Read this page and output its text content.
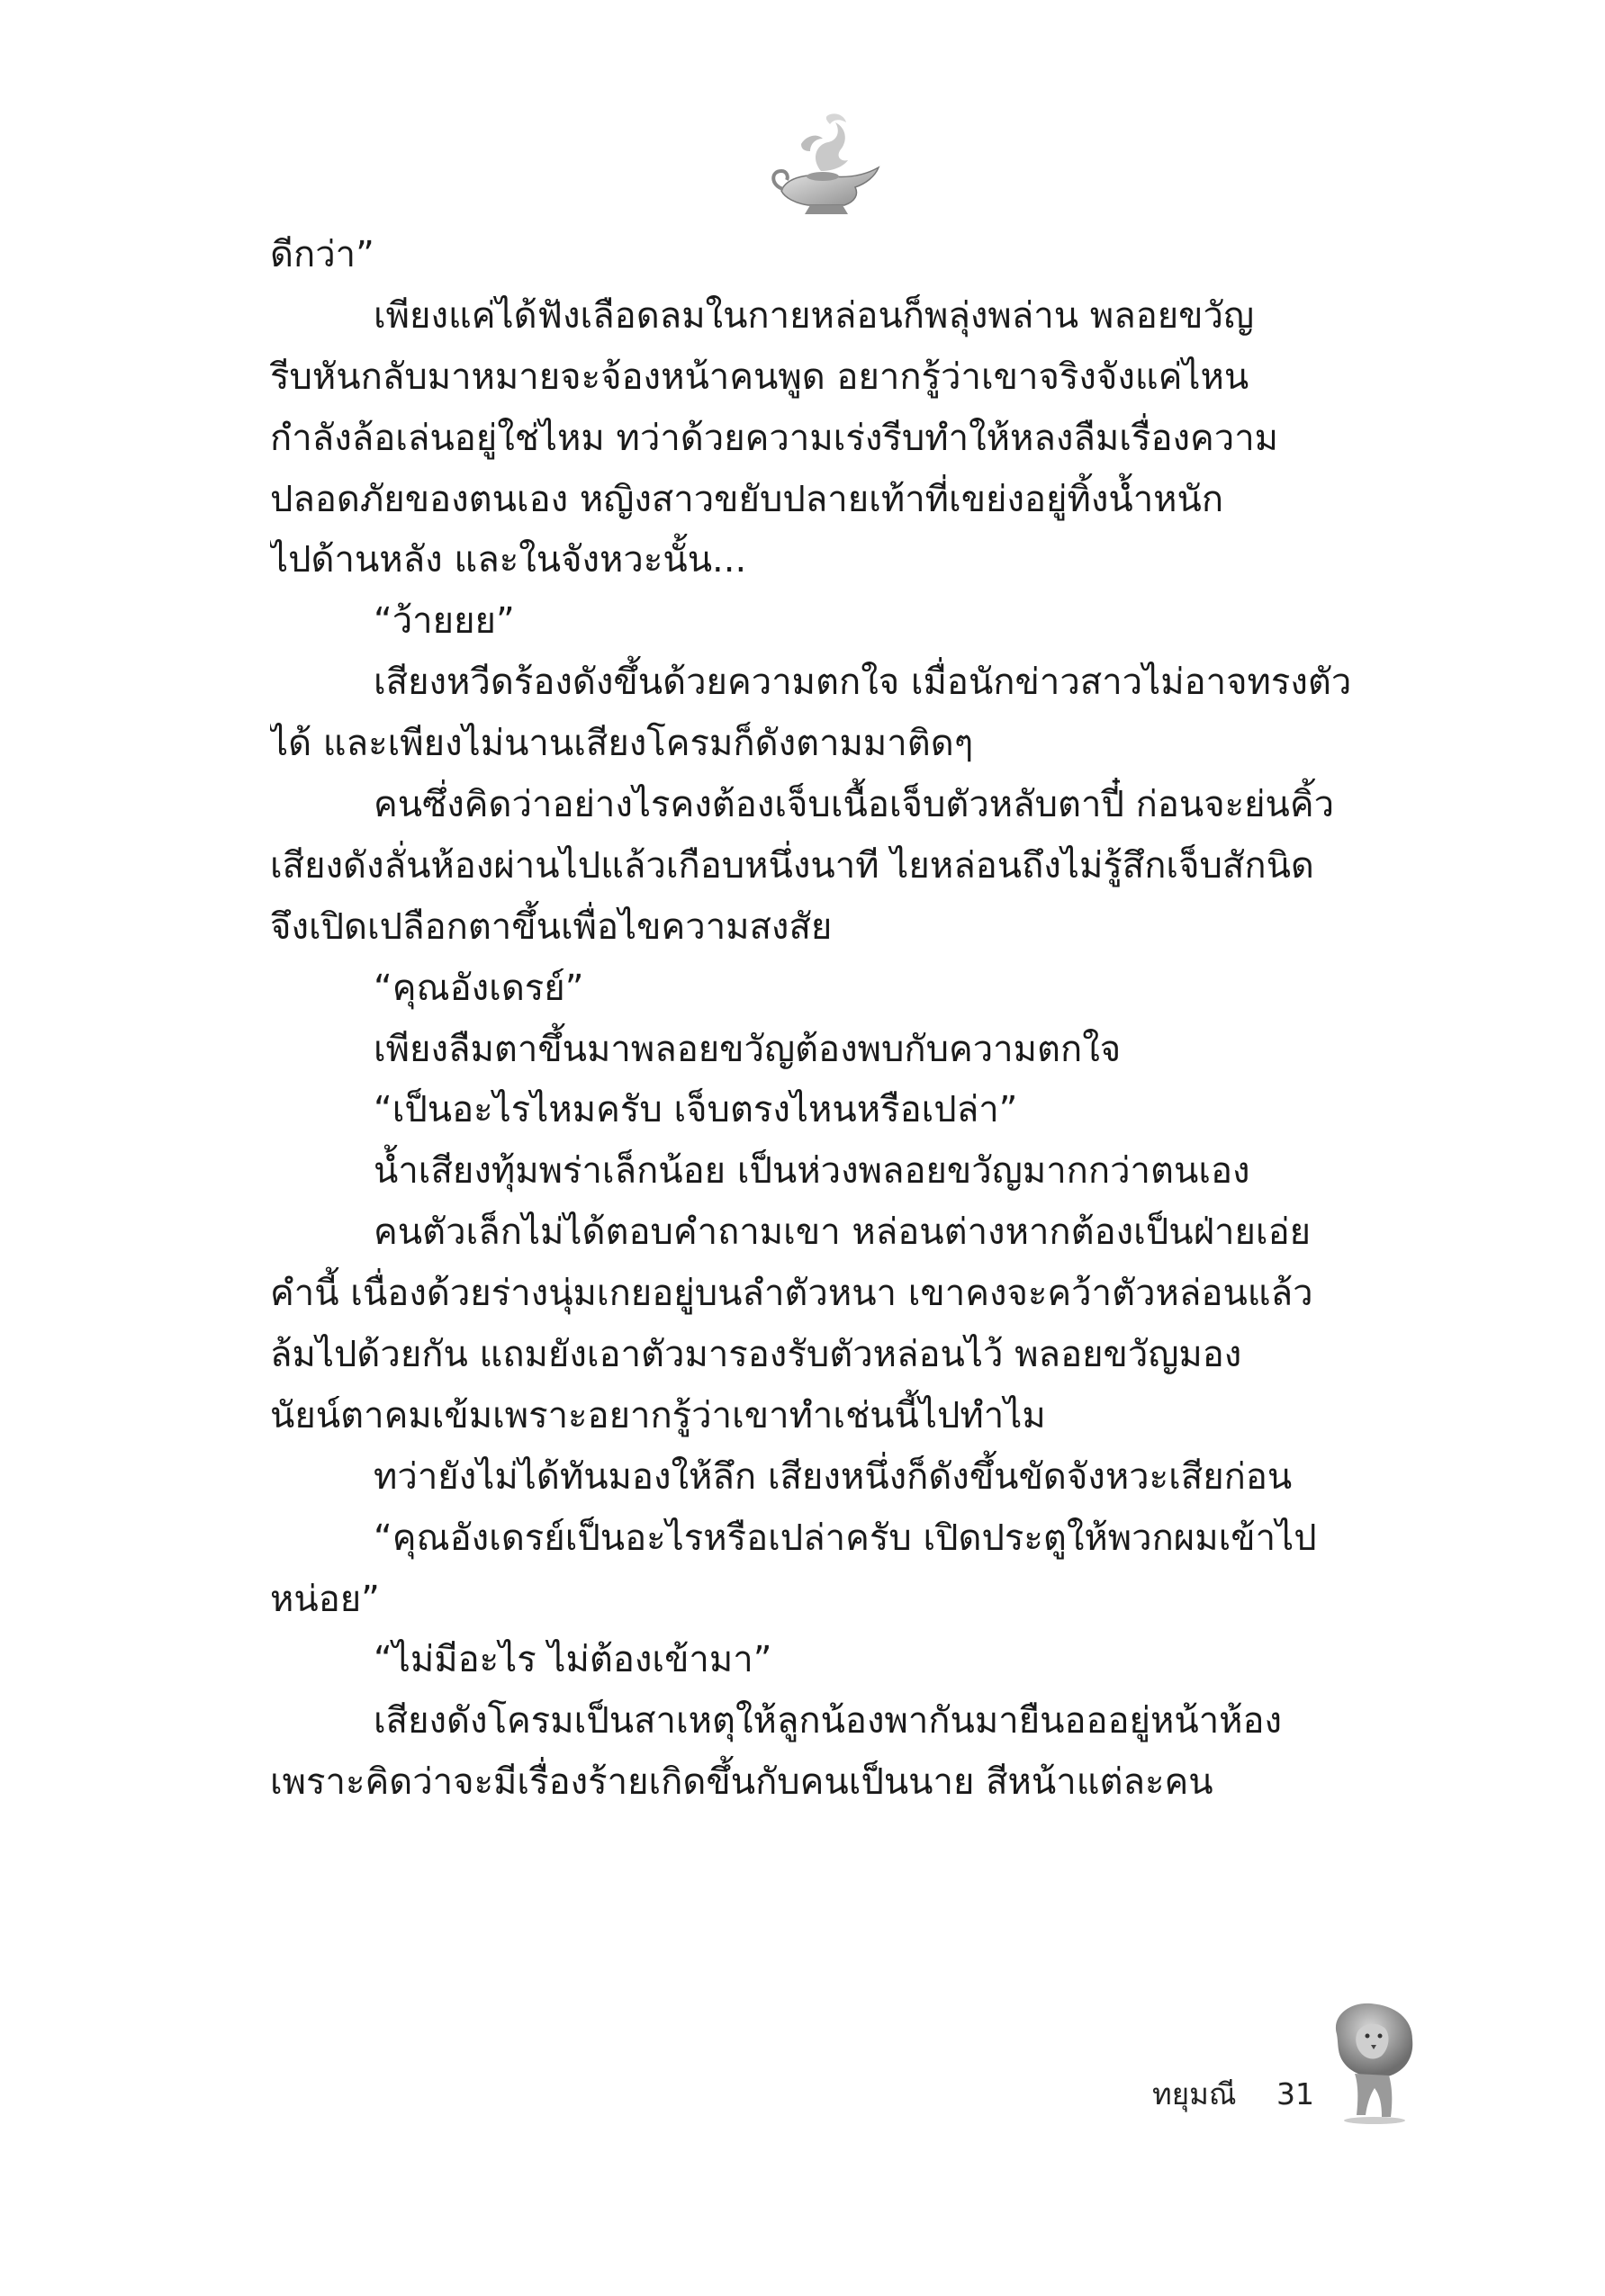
ดีกว่า”
เพียงแค่ได้ฟังเลือดลมในกายหล่อนก็พลุ่งพล่าน พลอยขวัญ
รีบหันกลับมาหมายจะจ้องหน้าคนพูด อยากรู้ว่าเขาจริงจังแค่ไหน
กำลังล้อเล่นอยู่ใช่ไหม ทว่าด้วยความเร่งรีบทำให้หลงลืมเรื่องความ
ปลอดภัยของตนเอง หญิงสาวขยับปลายเท้าที่เขย่งอยู่ทิ้งน้ำหนัก
ไปด้านหลัง และในจังหวะนั้น...
“ว้ายยย”
เสียงหวีดร้องดังขึ้นด้วยความตกใจ เมื่อนักข่าวสาวไม่อาจทรงตัว
ได้ และเพียงไม่นานเสียงโครมก็ดังตามมาติดๆ
คนซึ่งคิดว่าอย่างไรคงต้องเจ็บเนื้อเจ็บตัวหลับตาปี๋ ก่อนจะย่นคิ้ว
เสียงดังลั่นห้องผ่านไปแล้วเกือบหนึ่งนาที ไยหล่อนถึงไม่รู้สึกเจ็บสักนิด
จึงเปิดเปลือกตาขึ้นเพื่อไขความสงสัย
“คุณอังเดรย์”
เพียงลืมตาขึ้นมาพลอยขวัญต้องพบกับความตกใจ
“เป็นอะไรไหมครับ เจ็บตรงไหนหรือเปล่า”
น้ำเสียงทุ้มพร่าเล็กน้อย เป็นห่วงพลอยขวัญมากกว่าตนเอง
คนตัวเล็กไม่ได้ตอบคำถามเขา หล่อนต่างหากต้องเป็นฝ่ายเอ่ย
คำนี้ เนื่องด้วยร่างนุ่มเกยอยู่บนลำตัวหนา เขาคงจะคว้าตัวหล่อนแล้ว
ล้มไปด้วยกัน แถมยังเอาตัวมารองรับตัวหล่อนไว้ พลอยขวัญมอง
นัยน์ตาคมเข้มเพราะอยากรู้ว่าเขาทำเช่นนี้ไปทำไม
ทว่ายังไม่ได้ทันมองให้ลึก เสียงหนึ่งก็ดังขึ้นขัดจังหวะเสียก่อน
“คุณอังเดรย์เป็นอะไรหรือเปล่าครับ เปิดประตูให้พวกผมเข้าไป
หน่อย”
“ไม่มีอะไร ไม่ต้องเข้ามา”
เสียงดังโครมเป็นสาเหตุให้ลูกน้องพากันมายืนอออยู่หน้าห้อง
เพราะคิดว่าจะมีเรื่องร้ายเกิดขึ้นกับคนเป็นนาย สีหน้าแต่ละคน
ทยุมณี 31
